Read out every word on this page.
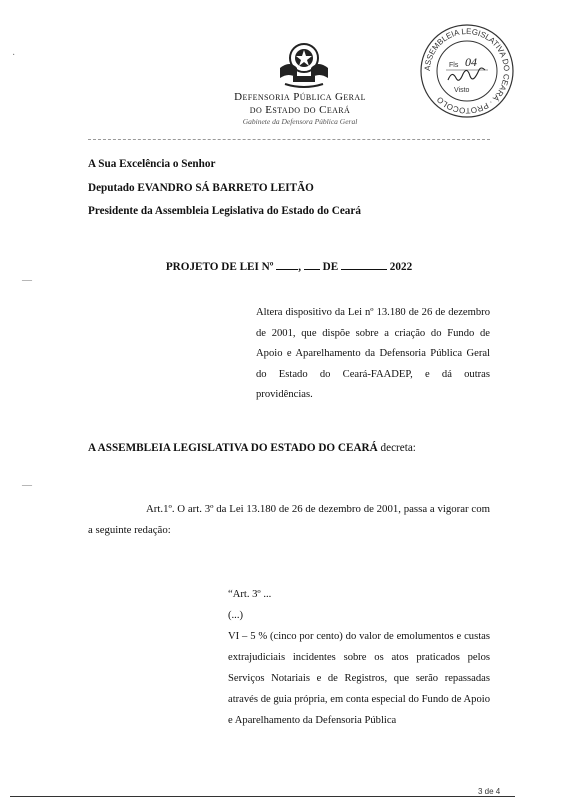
Defensoria Pública Geral
do Estado do Ceará
Gabinete da Defensora Pública Geral
ASSEMBLEIA LEGISLATIVA DO CEARÁ · PROTOCOLO
Fls 04
Visto
·
—
—
A Sua Excelência o Senhor
Deputado EVANDRO SÁ BARRETO LEITÃO
Presidente da Assembleia Legislativa do Estado do Ceará
PROJETO DE LEI Nº , DE	2022
Altera dispositivo da Lei nº 13.180 de 26 de dezembro de 2001, que dispõe sobre a criação do Fundo de Apoio e Aparelhamento da Defensoria Pública Geral do Estado do Ceará-FAADEP, e dá outras providências.
A ASSEMBLEIA LEGISLATIVA DO ESTADO DO CEARÁ decreta:
Art.1º. O art. 3º da Lei 13.180 de 26 de dezembro de 2001, passa a vigorar com a seguinte redação:
“Art. 3º ...
(...)
VI – 5 % (cinco por cento) do valor de emolumentos e custas extrajudiciais incidentes sobre os atos praticados pelos Serviços Notariais e de Registros, que serão repassadas através de guia própria, em conta especial do Fundo de Apoio e Aparelhamento da Defensoria Pública
3 de 4
